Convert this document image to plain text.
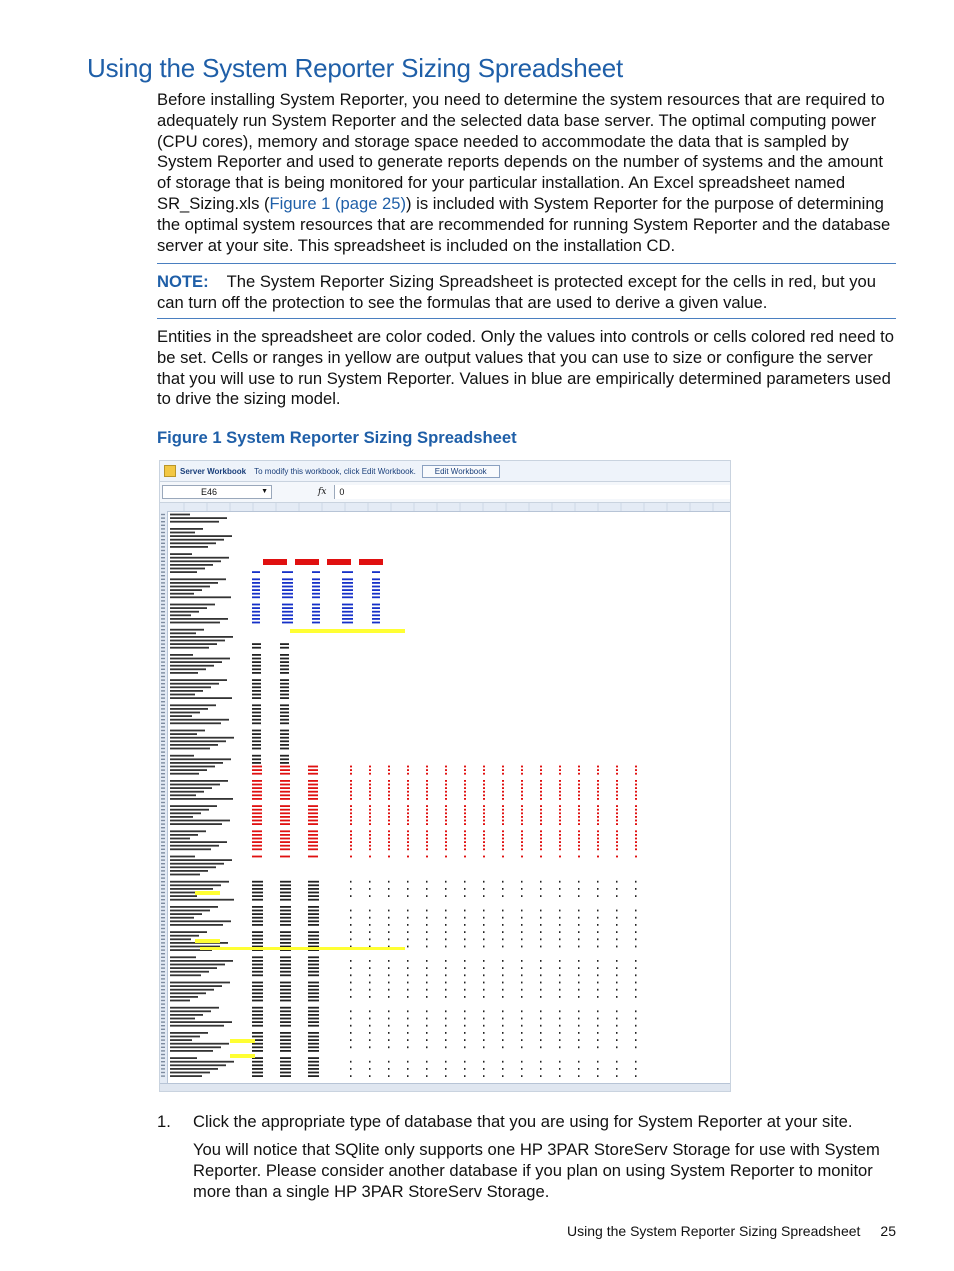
Using the System Reporter Sizing Spreadsheet

Before installing System Reporter, you need to determine the system resources that are required to adequately run System Reporter and the selected data base server. The optimal computing power (CPU cores), memory and storage space needed to accommodate the data that is sampled by System Reporter and used to generate reports depends on the number of systems and the amount of storage that is being monitored for your particular installation. An Excel spreadsheet named SR_Sizing.xls (Figure 1 (page 25)) is included with System Reporter for the purpose of determining the optimal system resources that are recommended for running System Reporter and the database server at your site. This spreadsheet is included on the installation CD.

NOTE: The System Reporter Sizing Spreadsheet is protected except for the cells in red, but you can turn off the protection to see the formulas that are used to derive a given value.

Entities in the spreadsheet are color coded. Only the values into controls or cells colored red need to be set. Cells or ranges in yellow are output values that you can use to size or configure the server that you will use to run System Reporter. Values in blue are empirically determined parameters used to drive the sizing model.

Figure 1 System Reporter Sizing Spreadsheet

Server Workbook To modify this workbook, click Edit Workbook.	Edit Workbook
E46	▼	fx	0

1. Click the appropriate type of database that you are using for System Reporter at your site.

You will notice that SQlite only supports one HP 3PAR StoreServ Storage for use with System Reporter. Please consider another database if you plan on using System Reporter to monitor more than a single HP 3PAR StoreServ Storage.

Using the System Reporter Sizing Spreadsheet 25
